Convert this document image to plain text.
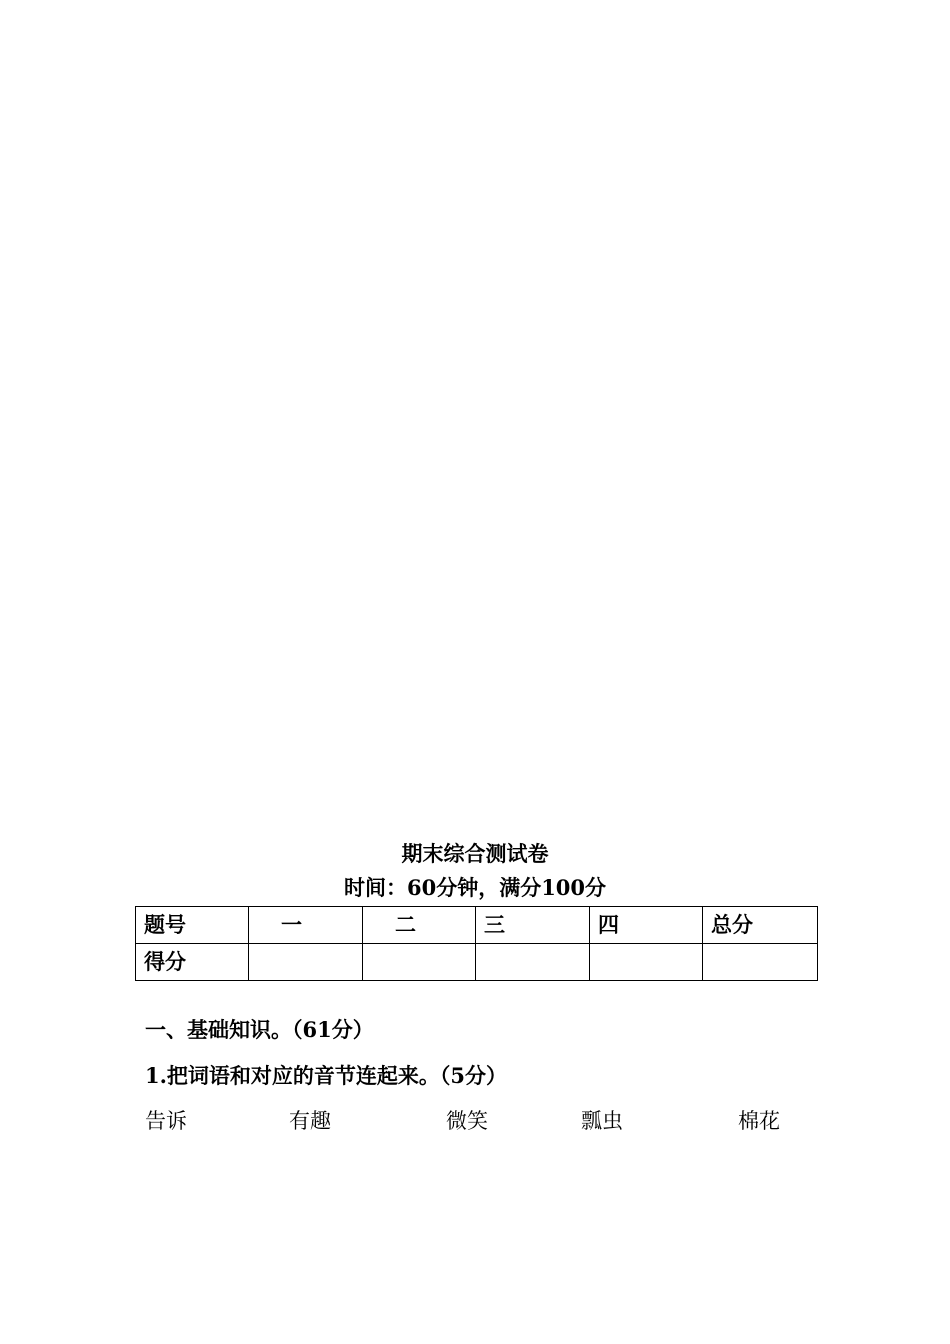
期末综合测试卷
时间：60分钟，满分100分
题号	一	二	三	四	总分
得分					
一、基础知识。（61分）
1.把词语和对应的音节连起来。（5分）
告诉	有趣	微笑	瓢虫	棉花
